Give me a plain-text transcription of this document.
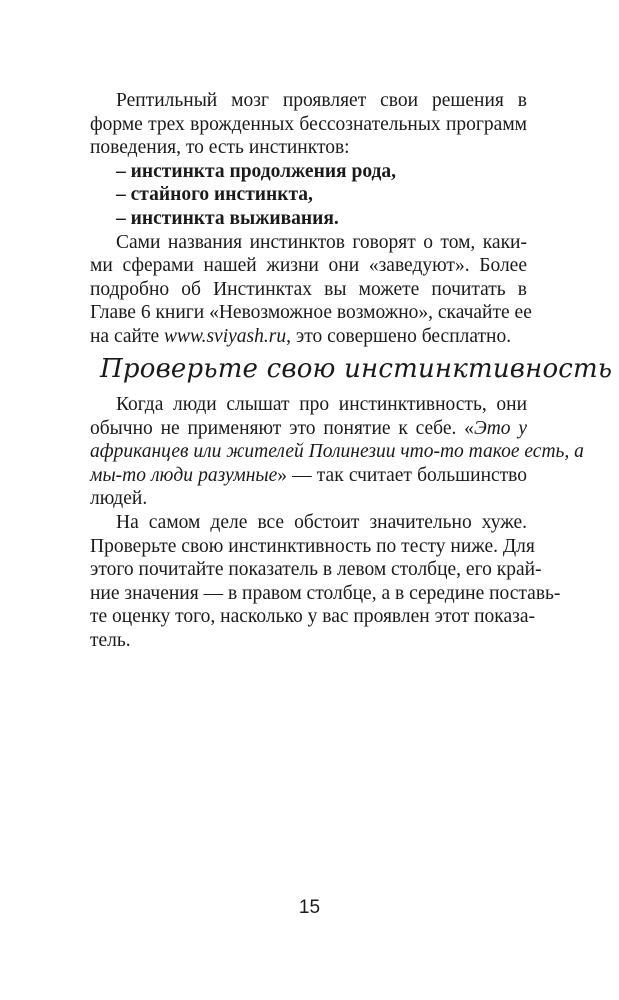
Рептильный мозг проявляет свои решения в
форме трех врожденных бессознательных программ
поведения, то есть инстинктов:
– инстинкта продолжения рода,
– стайного инстинкта,
– инстинкта выживания.
Сами названия инстинктов говорят о том, каки-
ми сферами нашей жизни они «заведуют». Более
подробно об Инстинктах вы можете почитать в
Главе 6 книги «Невозможное возможно», скачайте ее
на сайте www.sviyash.ru, это совершено бесплатно.
Проверьте свою инстинктивность
Когда люди слышат про инстинктивность, они
обычно не применяют это понятие к себе. «Это у
африканцев или жителей Полинезии что-то такое есть, а
мы-то люди разумные» — так считает большинство
людей.
На самом деле все обстоит значительно хуже.
Проверьте свою инстинктивность по тесту ниже. Для
этого почитайте показатель в левом столбце, его край-
ние значения — в правом столбце, а в середине поставь-
те оценку того, насколько у вас проявлен этот показа-
тель.
15
